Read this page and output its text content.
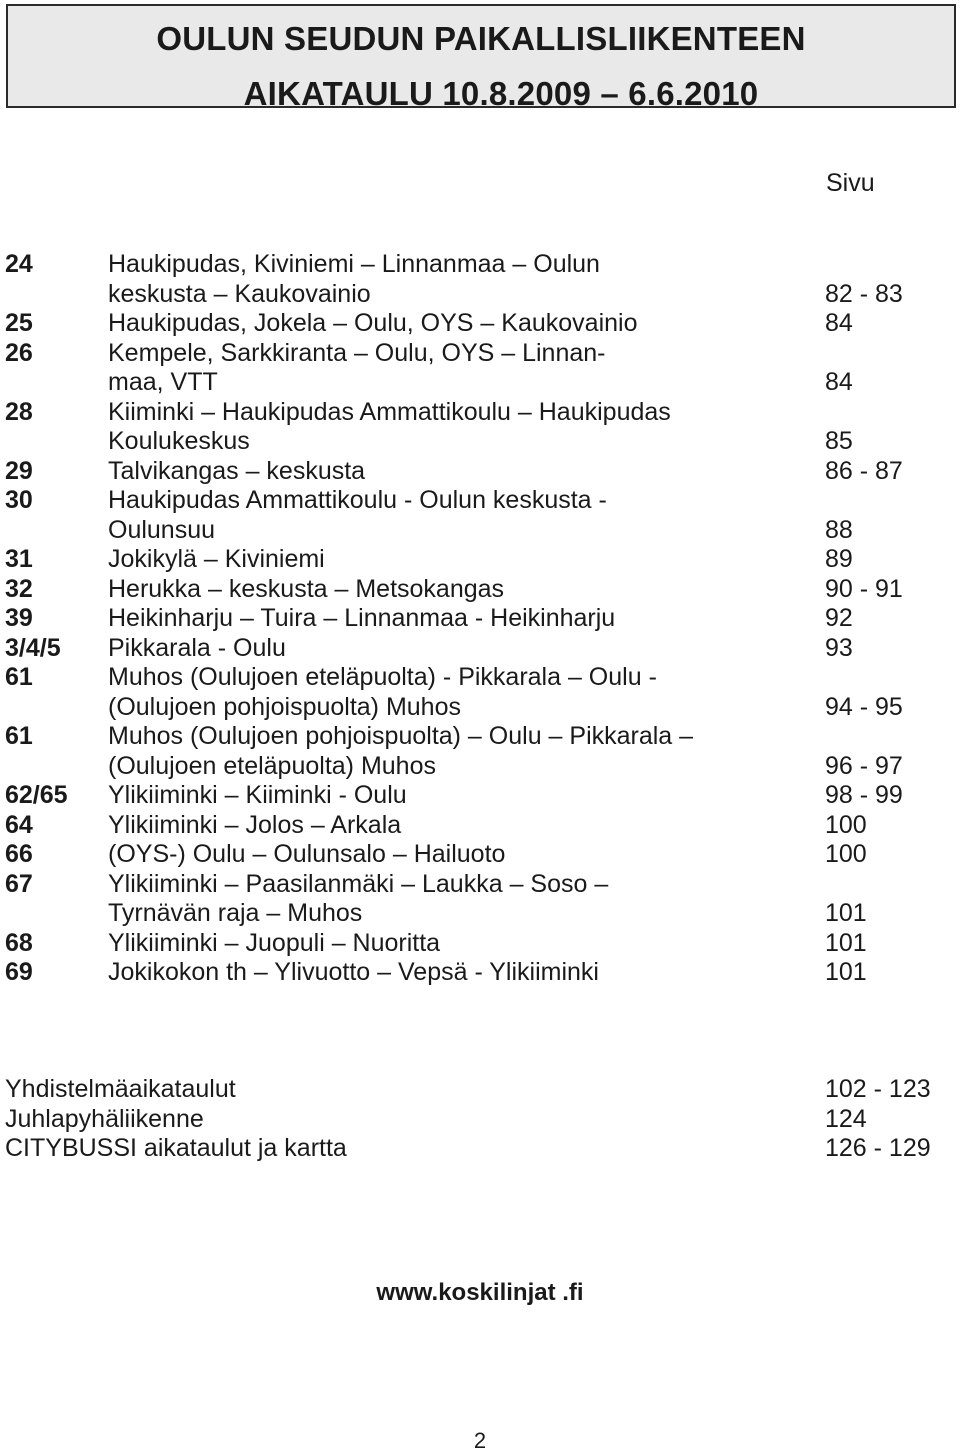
OULUN SEUDUN PAIKALLISLIIKENTEEN
AIKATAULU 10.8.2009 – 6.6.2010
Sivu
24	Haukipudas, Kiviniemi – Linnanmaa – Oulun
keskusta – Kaukovainio	82 - 83
25	Haukipudas, Jokela – Oulu, OYS – Kaukovainio	84
26	Kempele, Sarkkiranta – Oulu, OYS – Linnan-
maa, VTT	84
28	Kiiminki – Haukipudas Ammattikoulu – Haukipudas
Koulukeskus	85
29	Talvikangas – keskusta	86 - 87
30	Haukipudas Ammattikoulu - Oulun keskusta -
Oulunsuu	88
31	Jokikylä – Kiviniemi	89
32	Herukka – keskusta – Metsokangas	90 - 91
39	Heikinharju – Tuira – Linnanmaa - Heikinharju	92
3/4/5 Pikkarala - Oulu	93
61	Muhos (Oulujoen eteläpuolta) - Pikkarala – Oulu -
(Oulujoen pohjoispuolta) Muhos	94 - 95
61	Muhos (Oulujoen pohjoispuolta) – Oulu – Pikkarala –
(Oulujoen eteläpuolta) Muhos	96 - 97
62/65 Ylikiiminki – Kiiminki - Oulu	98 - 99
64	Ylikiiminki – Jolos – Arkala	100
66	(OYS-) Oulu – Oulunsalo – Hailuoto	100
67	Ylikiiminki – Paasilanmäki – Laukka – Soso –
Tyrnävän raja – Muhos	101
68	Ylikiiminki – Juopuli – Nuoritta	101
69	Jokikokon th – Ylivuotto – Vepsä - Ylikiiminki	101
Yhdistelmäaikataulut	102 - 123
Juhlapyhäliikenne	124
CITYBUSSI aikataulut ja kartta	126 - 129
www.koskilinjat .fi
2
